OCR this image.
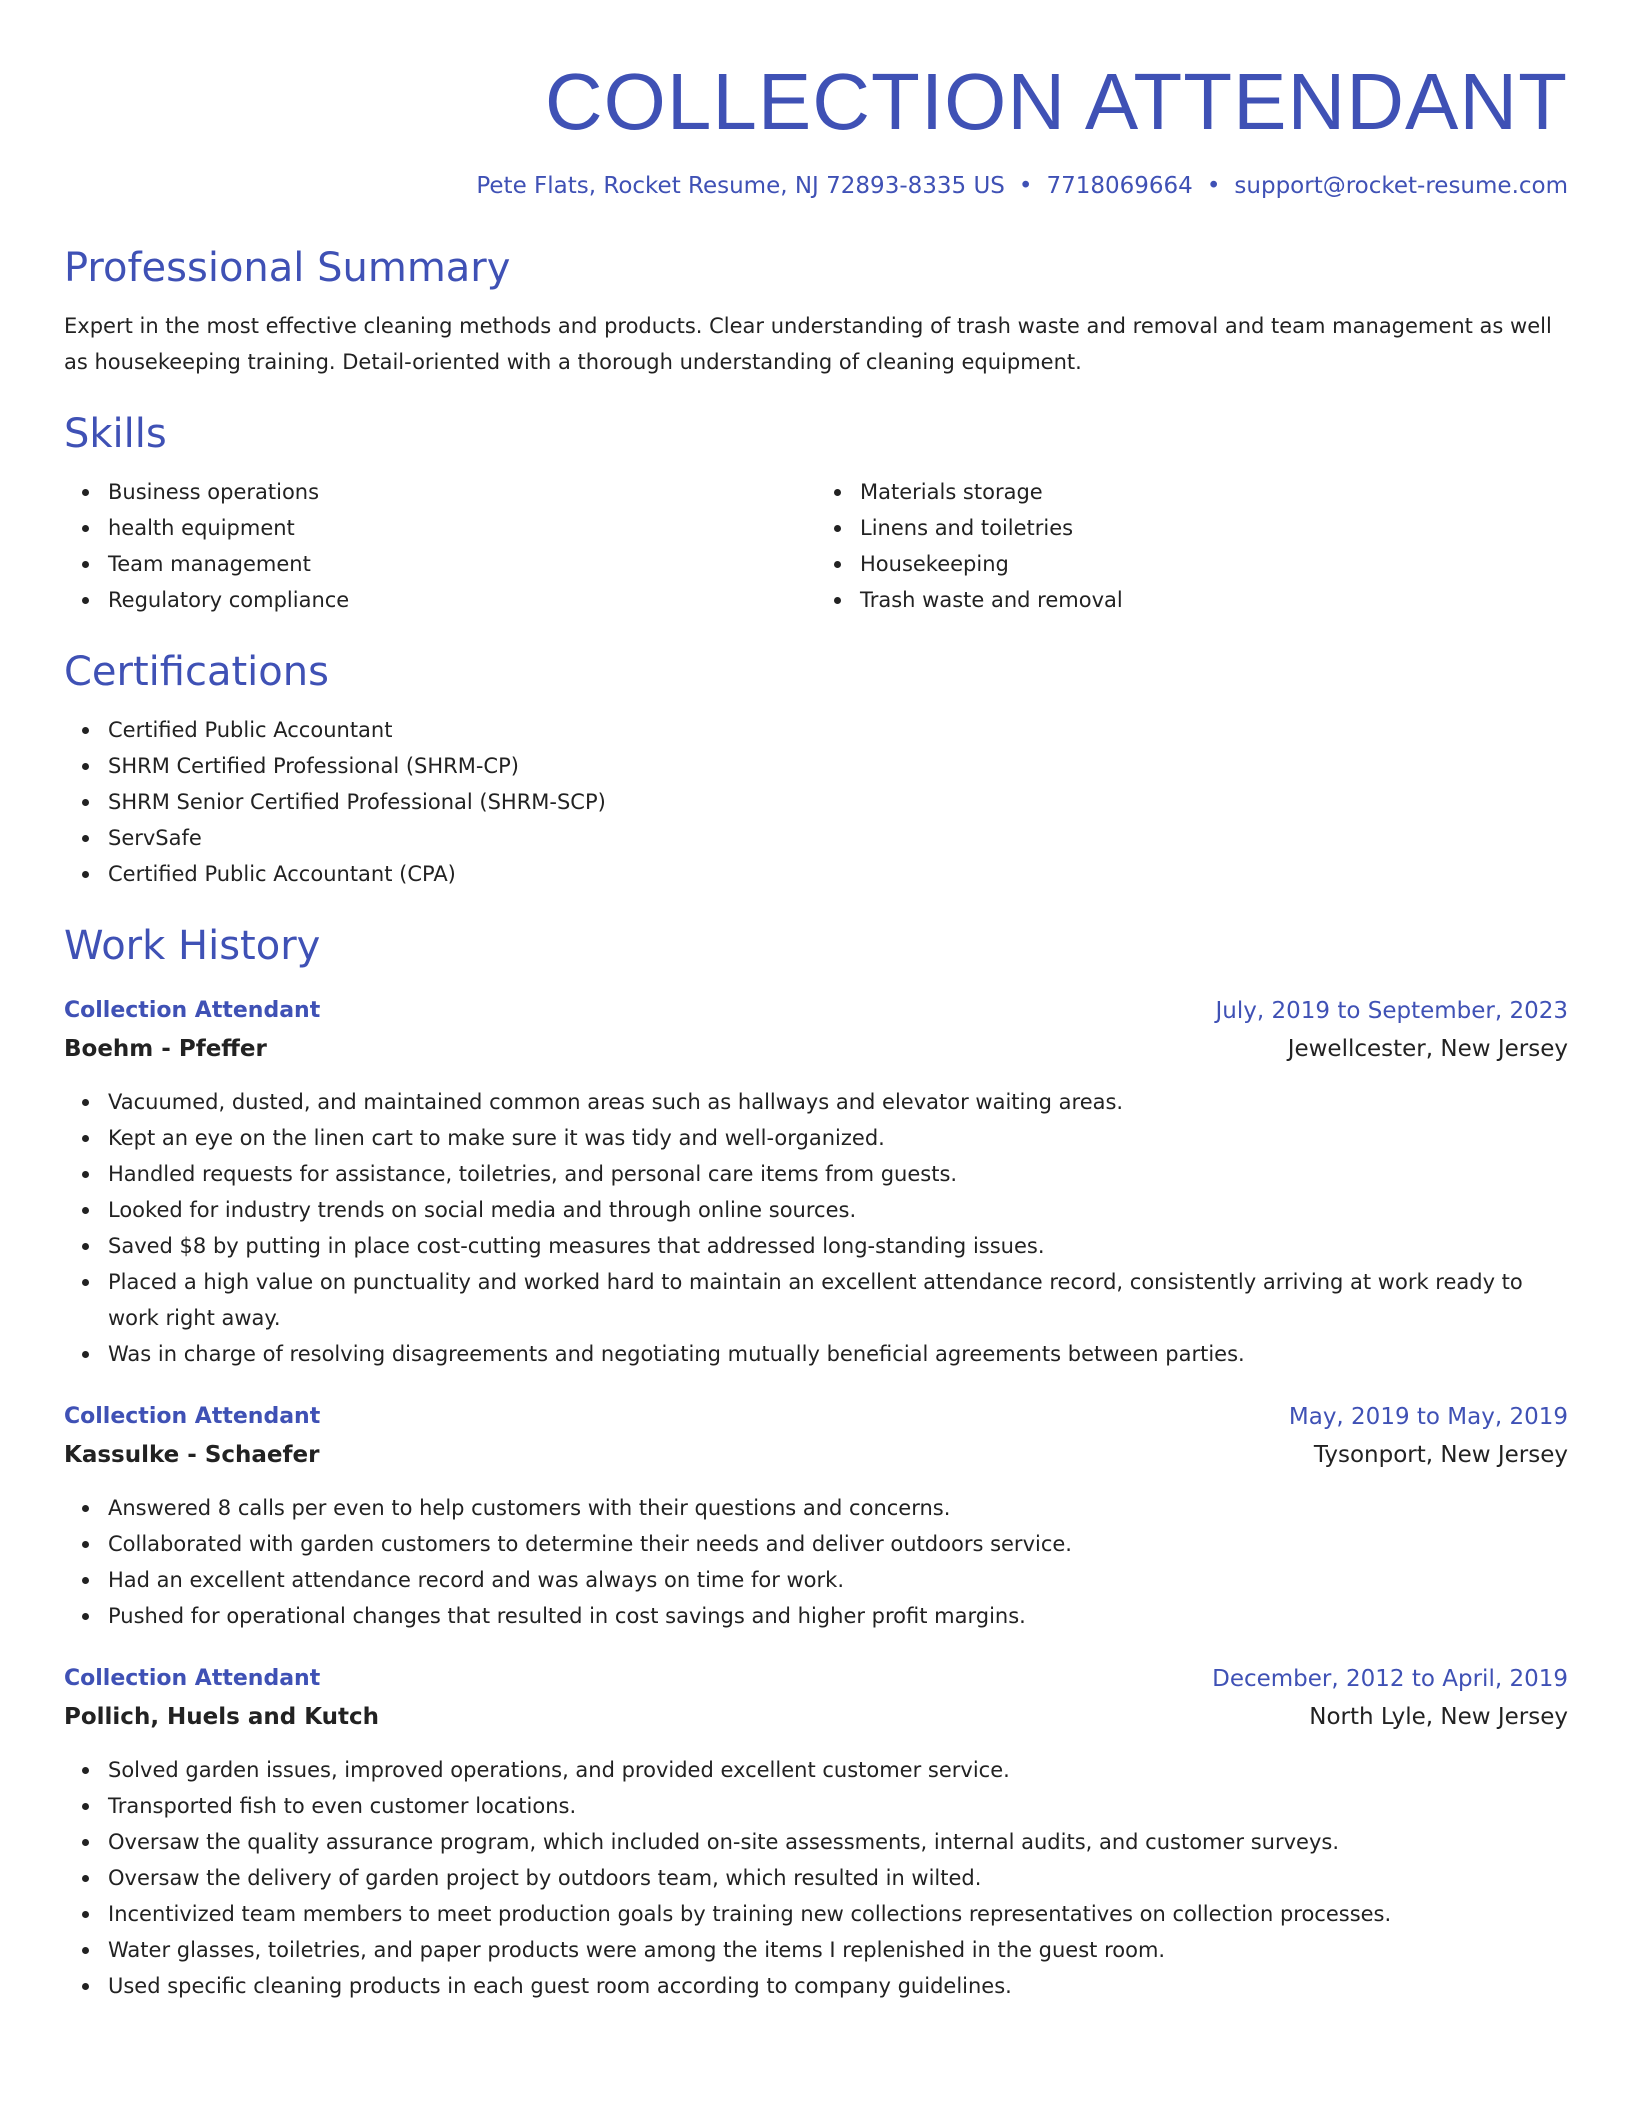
COLLECTION ATTENDANT
Pete Flats, Rocket Resume, NJ 72893-8335 US • 7718069664 • support@rocket-resume.com
Professional Summary
Expert in the most effective cleaning methods and products. Clear understanding of trash waste and removal and team management as well as housekeeping training. Detail-oriented with a thorough understanding of cleaning equipment.
Skills
Business operations
health equipment
Team management
Regulatory compliance
Materials storage
Linens and toiletries
Housekeeping
Trash waste and removal
Certifications
Certified Public Accountant
SHRM Certified Professional (SHRM-CP)
SHRM Senior Certified Professional (SHRM-SCP)
ServSafe
Certified Public Accountant (CPA)
Work History
Collection Attendant	July, 2019 to September, 2023
Boehm - Pfeffer	Jewellcester, New Jersey
Vacuumed, dusted, and maintained common areas such as hallways and elevator waiting areas.
Kept an eye on the linen cart to make sure it was tidy and well-organized.
Handled requests for assistance, toiletries, and personal care items from guests.
Looked for industry trends on social media and through online sources.
Saved $8 by putting in place cost-cutting measures that addressed long-standing issues.
Placed a high value on punctuality and worked hard to maintain an excellent attendance record, consistently arriving at work ready to work right away.
Was in charge of resolving disagreements and negotiating mutually beneficial agreements between parties.
Collection Attendant	May, 2019 to May, 2019
Kassulke - Schaefer	Tysonport, New Jersey
Answered 8 calls per even to help customers with their questions and concerns.
Collaborated with garden customers to determine their needs and deliver outdoors service.
Had an excellent attendance record and was always on time for work.
Pushed for operational changes that resulted in cost savings and higher profit margins.
Collection Attendant	December, 2012 to April, 2019
Pollich, Huels and Kutch	North Lyle, New Jersey
Solved garden issues, improved operations, and provided excellent customer service.
Transported fish to even customer locations.
Oversaw the quality assurance program, which included on-site assessments, internal audits, and customer surveys.
Oversaw the delivery of garden project by outdoors team, which resulted in wilted.
Incentivized team members to meet production goals by training new collections representatives on collection processes.
Water glasses, toiletries, and paper products were among the items I replenished in the guest room.
Used specific cleaning products in each guest room according to company guidelines.
